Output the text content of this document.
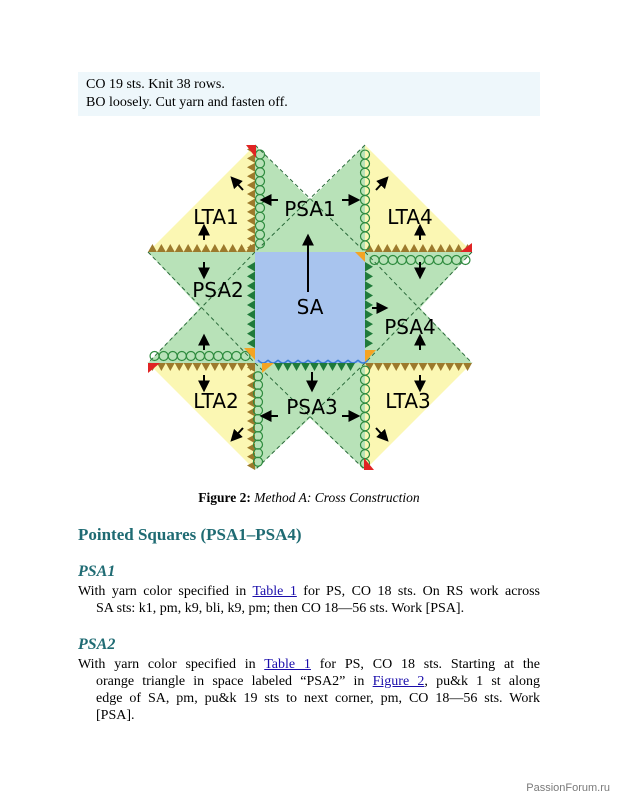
CO 19 sts. Knit 38 rows.
BO loosely. Cut yarn and fasten off.
LTA1 PSA1	LTA4
PSA2
SA
PSA4
LTA2 PSA3 LTA3
Figure 2: Method A: Cross Construction
Pointed Squares (PSA1–PSA4)
PSA1
With yarn color specified in Table 1 for PS, CO 18 sts. On RS work across
SA sts: k1, pm, k9, bli, k9, pm; then CO 18—56 sts. Work [PSA].
PSA2
With yarn color specified in Table 1 for PS, CO 18 sts. Starting at the
orange triangle in space labeled “PSA2” in Figure 2, pu&k 1 st along
edge of SA, pm, pu&k 19 sts to next corner, pm, CO 18—56 sts. Work
[PSA].
PassionForum.ru
